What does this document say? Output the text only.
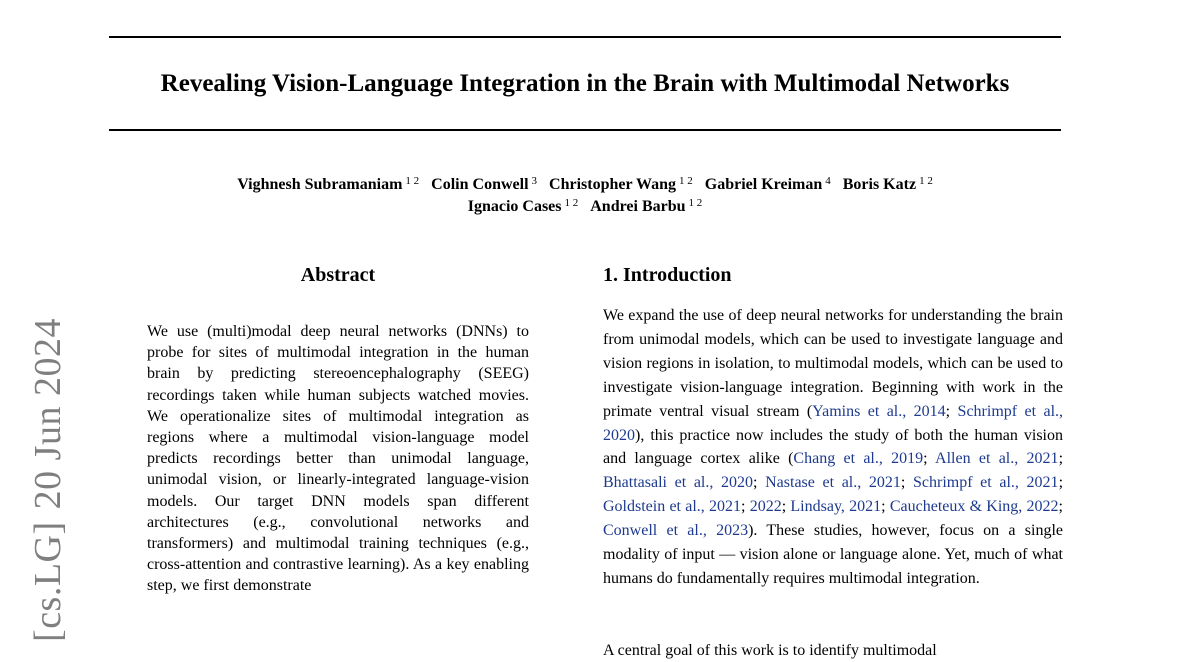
Revealing Vision-Language Integration in the Brain with Multimodal Networks
Vighnesh Subramaniam $^{1 2}$ Colin Conwell $^3$ Christopher Wang $^{1 2}$ Gabriel Kreiman $^4$ Boris Katz $^{1 2}$
Ignacio Cases $^{1 2}$ Andrei Barbu $^{1 2}$
[cs.LG]20 Jun 2024
Abstract
We use (multi)modal deep neural networks (DNNs) to probe for sites of multimodal integration in the human brain by predicting stereoencephalography (SEEG) recordings taken while human subjects watched movies. We operationalize sites of multimodal integration as regions where a multimodal vision-language model predicts recordings better than unimodal language, unimodal vision, or linearly-integrated language-vision models. Our target DNN models span different architectures (e.g., convolutional networks and transformers) and multimodal training techniques (e.g., cross-attention and contrastive learning). As a key enabling step, we first demonstrate
1. Introduction
We expand the use of deep neural networks for understanding the brain from unimodal models, which can be used to investigate language and vision regions in isolation, to multimodal models, which can be used to investigate vision-language integration. Beginning with work in the primate ventral visual stream (Yamins et al., 2014; Schrimpf et al., 2020), this practice now includes the study of both the human vision and language cortex alike (Chang et al., 2019; Allen et al., 2021; Bhattasali et al., 2020; Nastase et al., 2021; Schrimpf et al., 2021; Goldstein et al., 2021; 2022; Lindsay, 2021; Caucheteux & King, 2022; Conwell et al., 2023). These studies, however, focus on a single modality of input — vision alone or language alone. Yet, much of what humans do fundamentally requires multimodal integration.
A central goal of this work is to identify multimodal
